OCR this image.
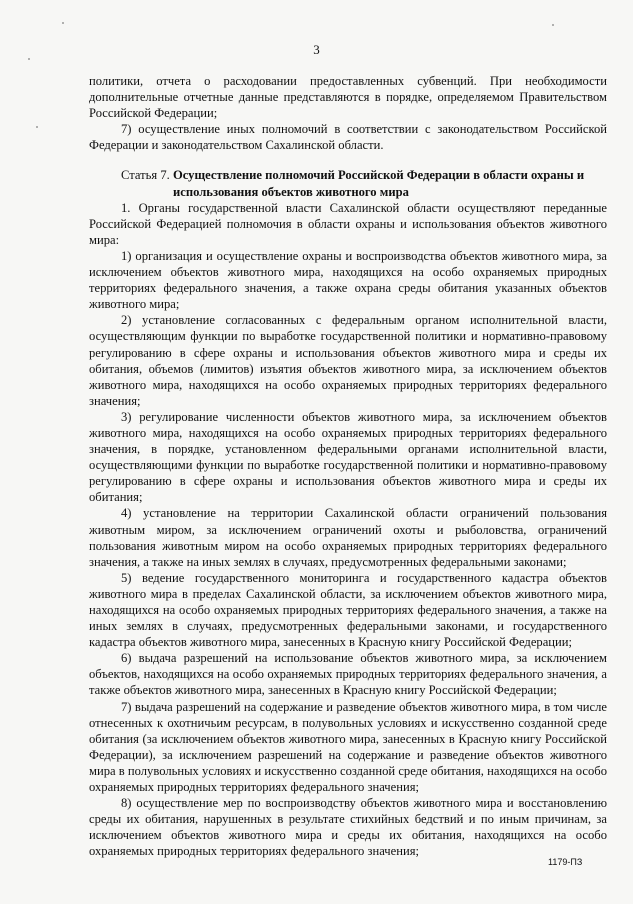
3

политики, отчета о расходовании предоставленных субвенций. При необходимости дополнительные отчетные данные представляются в порядке, определяемом Правительством Российской Федерации;

7) осуществление иных полномочий в соответствии с законодательством Российской Федерации и законодательством Сахалинской области.

Статья 7. Осуществление полномочий Российской Федерации в области охраны и
использования объектов животного мира

1. Органы государственной власти Сахалинской области осуществляют переданные Российской Федерацией полномочия в области охраны и использования объектов животного мира:

1) организация и осуществление охраны и воспроизводства объектов животного мира, за исключением объектов животного мира, находящихся на особо охраняемых природных территориях федерального значения, а также охрана среды обитания указанных объектов животного мира;

2) установление согласованных с федеральным органом исполнительной власти, осуществляющим функции по выработке государственной политики и нормативно-правовому регулированию в сфере охраны и использования объектов животного мира и среды их обитания, объемов (лимитов) изъятия объектов животного мира, за исключением объектов животного мира, находящихся на особо охраняемых природных территориях федерального значения;

3) регулирование численности объектов животного мира, за исключением объектов животного мира, находящихся на особо охраняемых природных территориях федерального значения, в порядке, установленном федеральными органами исполнительной власти, осуществляющими функции по выработке государственной политики и нормативно-правовому регулированию в сфере охраны и использования объектов животного мира и среды их обитания;

4) установление на территории Сахалинской области ограничений пользования животным миром, за исключением ограничений охоты и рыболовства, ограничений пользования животным миром на особо охраняемых природных территориях федерального значения, а также на иных землях в случаях, предусмотренных федеральными законами;

5) ведение государственного мониторинга и государственного кадастра объектов животного мира в пределах Сахалинской области, за исключением объектов животного мира, находящихся на особо охраняемых природных территориях федерального значения, а также на иных землях в случаях, предусмотренных федеральными законами, и государственного кадастра объектов животного мира, занесенных в Красную книгу Российской Федерации;

6) выдача разрешений на использование объектов животного мира, за исключением объектов, находящихся на особо охраняемых природных территориях федерального значения, а также объектов животного мира, занесенных в Красную книгу Российской Федерации;

7) выдача разрешений на содержание и разведение объектов животного мира, в том числе отнесенных к охотничьим ресурсам, в полувольных условиях и искусственно созданной среде обитания (за исключением объектов животного мира, занесенных в Красную книгу Российской Федерации), за исключением разрешений на содержание и разведение объектов животного мира в полувольных условиях и искусственно созданной среде обитания, находящихся на особо охраняемых природных территориях федерального значения;

8) осуществление мер по воспроизводству объектов животного мира и восстановлению среды их обитания, нарушенных в результате стихийных бедствий и по иным причинам, за исключением объектов животного мира и среды их обитания, находящихся на особо охраняемых природных территориях федерального значения;

1179-ПЗ
